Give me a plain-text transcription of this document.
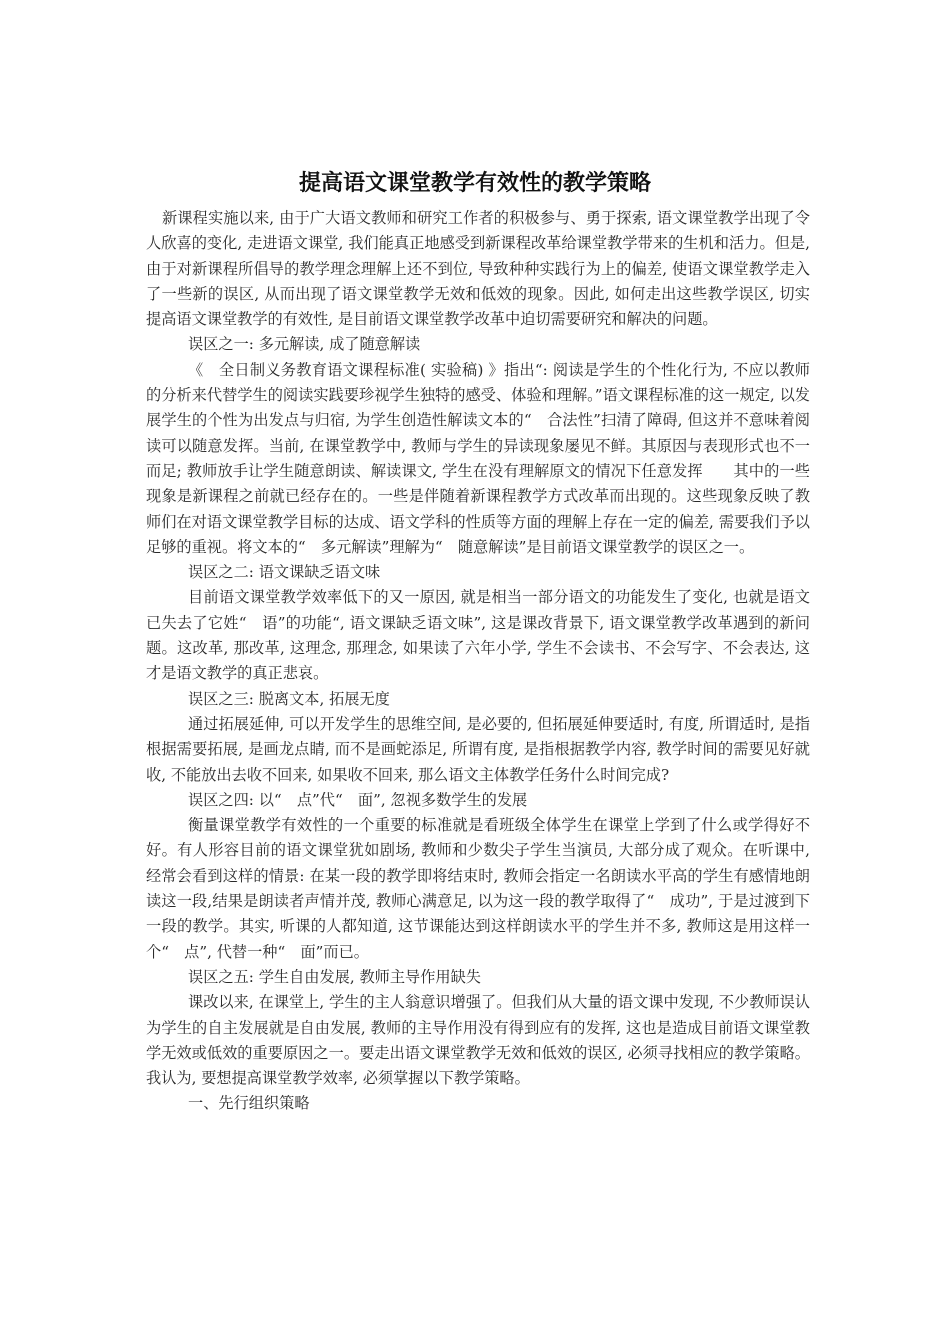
提高语文课堂教学有效性的教学策略

新课程实施以来, 由于广大语文教师和研究工作者的积极参与、勇于探索, 语文课堂教学出现了令人欣喜的变化, 走进语文课堂, 我们能真正地感受到新课程改革给课堂教学带来的生机和活力。但是, 由于对新课程所倡导的教学理念理解上还不到位, 导致种种实践行为上的偏差, 使语文课堂教学走入了一些新的误区, 从而出现了语文课堂教学无效和低效的现象。因此, 如何走出这些教学误区, 切实提高语文课堂教学的有效性, 是目前语文课堂教学改革中迫切需要研究和解决的问题。

误区之一: 多元解读, 成了随意解读

《　全日制义务教育语文课程标准( 实验稿) 》指出“: 阅读是学生的个性化行为, 不应以教师的分析来代替学生的阅读实践要珍视学生独特的感受、体验和理解。”语文课程标准的这一规定, 以发展学生的个性为出发点与归宿, 为学生创造性解读文本的“　合法性”扫清了障碍, 但这并不意味着阅读可以随意发挥。当前, 在课堂教学中, 教师与学生的异读现象屡见不鲜。其原因与表现形式也不一而足; 教师放手让学生随意朗读、解读课文, 学生在没有理解原文的情况下任意发挥　　其中的一些现象是新课程之前就已经存在的。一些是伴随着新课程教学方式改革而出现的。这些现象反映了教师们在对语文课堂教学目标的达成、语文学科的性质等方面的理解上存在一定的偏差, 需要我们予以足够的重视。将文本的“　多元解读”理解为“　随意解读”是目前语文课堂教学的误区之一。

误区之二: 语文课缺乏语文味

目前语文课堂教学效率低下的又一原因, 就是相当一部分语文的功能发生了变化, 也就是语文已失去了它姓“　语”的功能“, 语文课缺乏语文味”, 这是课改背景下, 语文课堂教学改革遇到的新问题。这改革, 那改革, 这理念, 那理念, 如果读了六年小学, 学生不会读书、不会写字、不会表达, 这才是语文教学的真正悲哀。

误区之三: 脱离文本, 拓展无度

通过拓展延伸, 可以开发学生的思维空间, 是必要的, 但拓展延伸要适时, 有度, 所谓适时, 是指根据需要拓展, 是画龙点睛, 而不是画蛇添足, 所谓有度, 是指根据教学内容, 教学时间的需要见好就收, 不能放出去收不回来, 如果收不回来, 那么语文主体教学任务什么时间完成?

误区之四: 以“　点”代“　面”, 忽视多数学生的发展

衡量课堂教学有效性的一个重要的标准就是看班级全体学生在课堂上学到了什么或学得好不好。有人形容目前的语文课堂犹如剧场, 教师和少数尖子学生当演员, 大部分成了观众。在听课中, 经常会看到这样的情景: 在某一段的教学即将结束时, 教师会指定一名朗读水平高的学生有感情地朗读这一段,结果是朗读者声情并茂, 教师心满意足, 以为这一段的教学取得了“　成功”, 于是过渡到下一段的教学。其实, 听课的人都知道, 这节课能达到这样朗读水平的学生并不多, 教师这是用这样一个“　点”, 代替一种“　面”而已。

误区之五: 学生自由发展, 教师主导作用缺失

课改以来, 在课堂上, 学生的主人翁意识增强了。但我们从大量的语文课中发现, 不少教师误认为学生的自主发展就是自由发展, 教师的主导作用没有得到应有的发挥, 这也是造成目前语文课堂教学无效或低效的重要原因之一。要走出语文课堂教学无效和低效的误区, 必须寻找相应的教学策略。我认为, 要想提高课堂教学效率, 必须掌握以下教学策略。

一、先行组织策略
